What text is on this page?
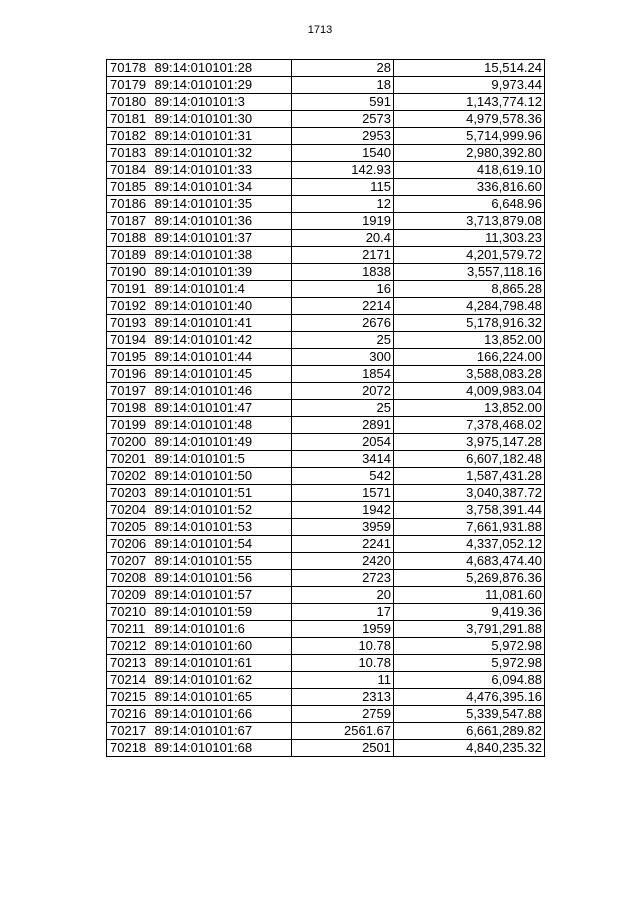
1713
70178	89:14:010101:28	28	15,514.24
70179	89:14:010101:29	18	9,973.44
70180	89:14:010101:3	591	1,143,774.12
70181	89:14:010101:30	2573	4,979,578.36
70182	89:14:010101:31	2953	5,714,999.96
70183	89:14:010101:32	1540	2,980,392.80
70184	89:14:010101:33	142.93	418,619.10
70185	89:14:010101:34	115	336,816.60
70186	89:14:010101:35	12	6,648.96
70187	89:14:010101:36	1919	3,713,879.08
70188	89:14:010101:37	20.4	11,303.23
70189	89:14:010101:38	2171	4,201,579.72
70190	89:14:010101:39	1838	3,557,118.16
70191	89:14:010101:4	16	8,865.28
70192	89:14:010101:40	2214	4,284,798.48
70193	89:14:010101:41	2676	5,178,916.32
70194	89:14:010101:42	25	13,852.00
70195	89:14:010101:44	300	166,224.00
70196	89:14:010101:45	1854	3,588,083.28
70197	89:14:010101:46	2072	4,009,983.04
70198	89:14:010101:47	25	13,852.00
70199	89:14:010101:48	2891	7,378,468.02
70200	89:14:010101:49	2054	3,975,147.28
70201	89:14:010101:5	3414	6,607,182.48
70202	89:14:010101:50	542	1,587,431.28
70203	89:14:010101:51	1571	3,040,387.72
70204	89:14:010101:52	1942	3,758,391.44
70205	89:14:010101:53	3959	7,661,931.88
70206	89:14:010101:54	2241	4,337,052.12
70207	89:14:010101:55	2420	4,683,474.40
70208	89:14:010101:56	2723	5,269,876.36
70209	89:14:010101:57	20	11,081.60
70210	89:14:010101:59	17	9,419.36
70211	89:14:010101:6	1959	3,791,291.88
70212	89:14:010101:60	10.78	5,972.98
70213	89:14:010101:61	10.78	5,972.98
70214	89:14:010101:62	11	6,094.88
70215	89:14:010101:65	2313	4,476,395.16
70216	89:14:010101:66	2759	5,339,547.88
70217	89:14:010101:67	2561.67	6,661,289.82
70218	89:14:010101:68	2501	4,840,235.32
